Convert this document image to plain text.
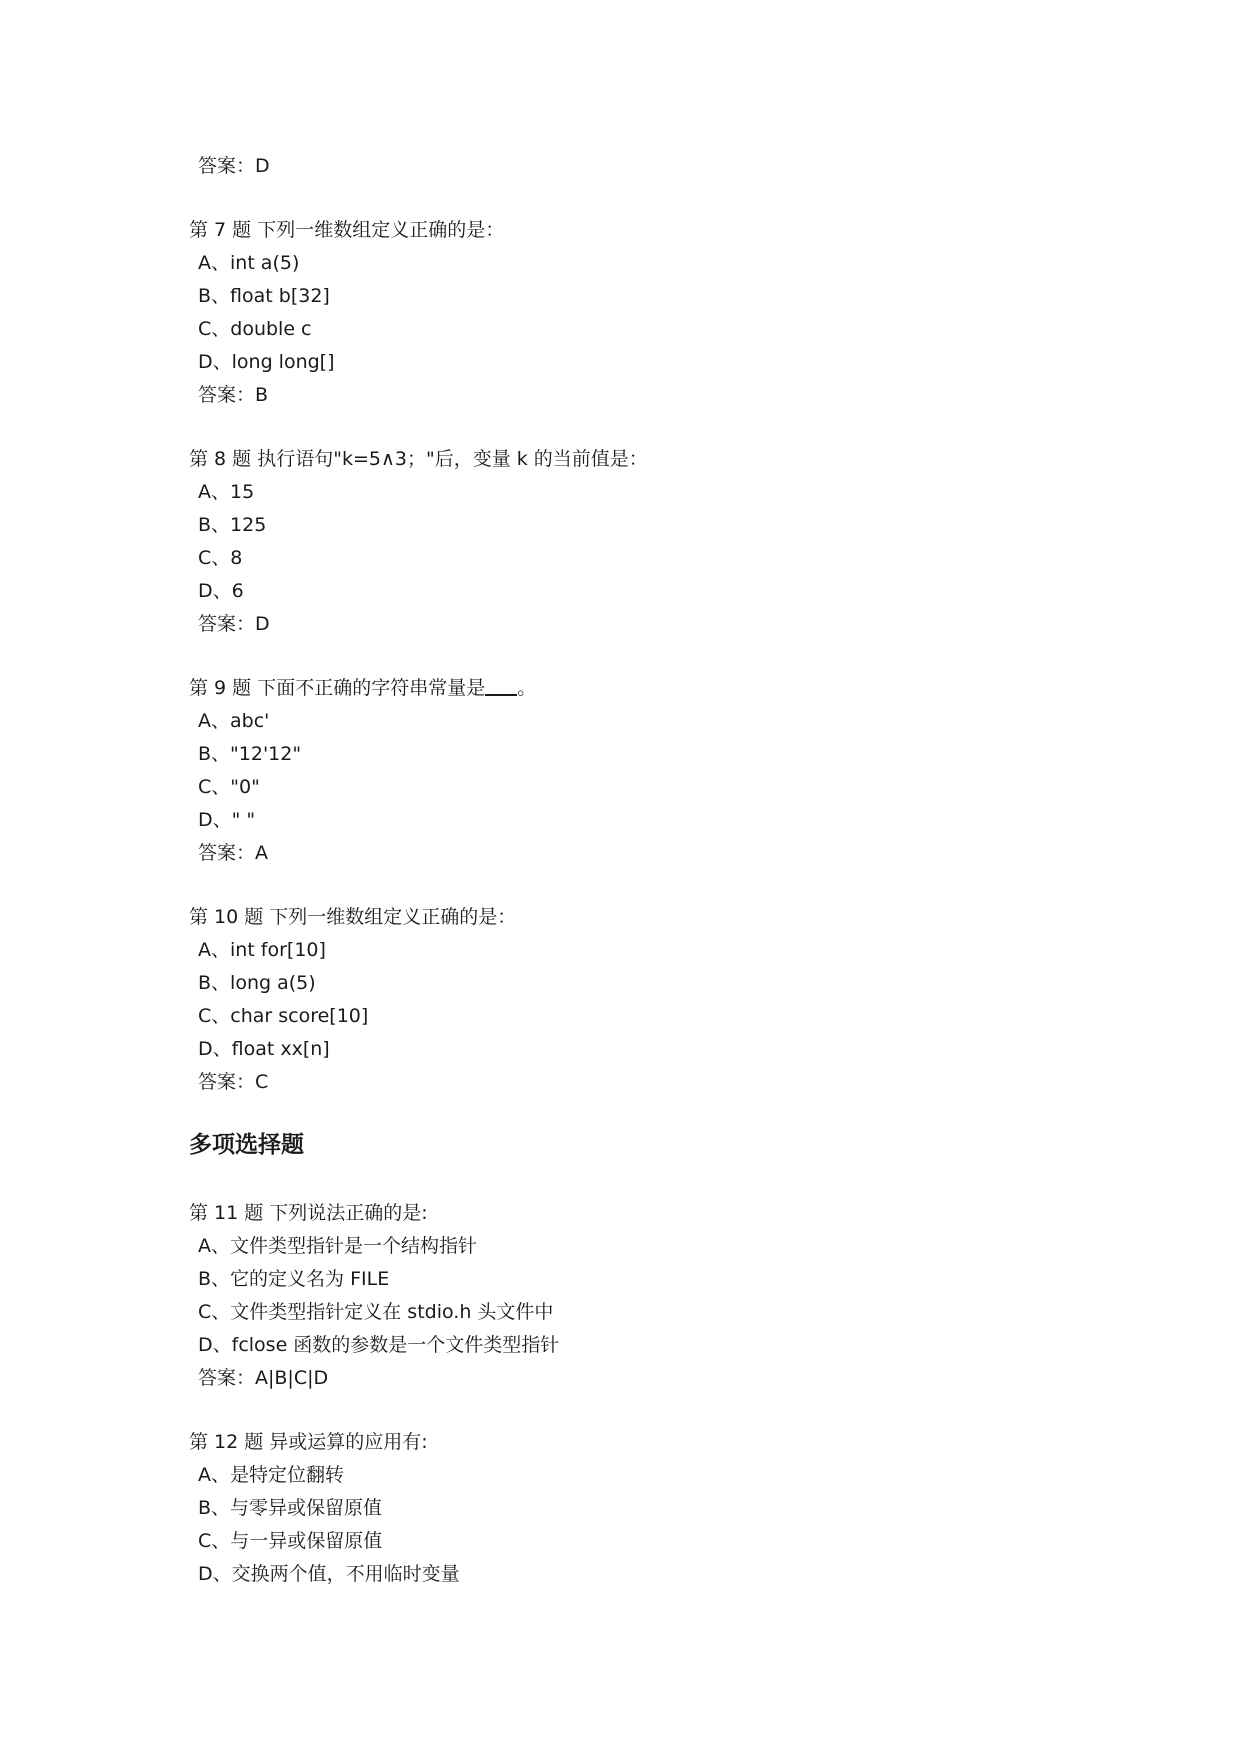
答案：D
第 7 题 下列一维数组定义正确的是：
A、int a(5)
B、float b[32]
C、double c
D、long long[]
答案：B
第 8 题 执行语句"k=5∧3；"后，变量 k 的当前值是：
A、15
B、125
C、8
D、6
答案：D
第 9 题 下面不正确的字符串常量是 。
A、abc'
B、"12'12"
C、"0"
D、" "
答案：A
第 10 题 下列一维数组定义正确的是：
A、int for[10]
B、long a(5)
C、char score[10]
D、float xx[n]
答案：C
多项选择题
第 11 题 下列说法正确的是:
A、文件类型指针是一个结构指针
B、它的定义名为 FILE
C、文件类型指针定义在 stdio.h 头文件中
D、fclose 函数的参数是一个文件类型指针
答案：A|B|C|D
第 12 题 异或运算的应用有:
A、是特定位翻转
B、与零异或保留原值
C、与一异或保留原值
D、交换两个值，不用临时变量
